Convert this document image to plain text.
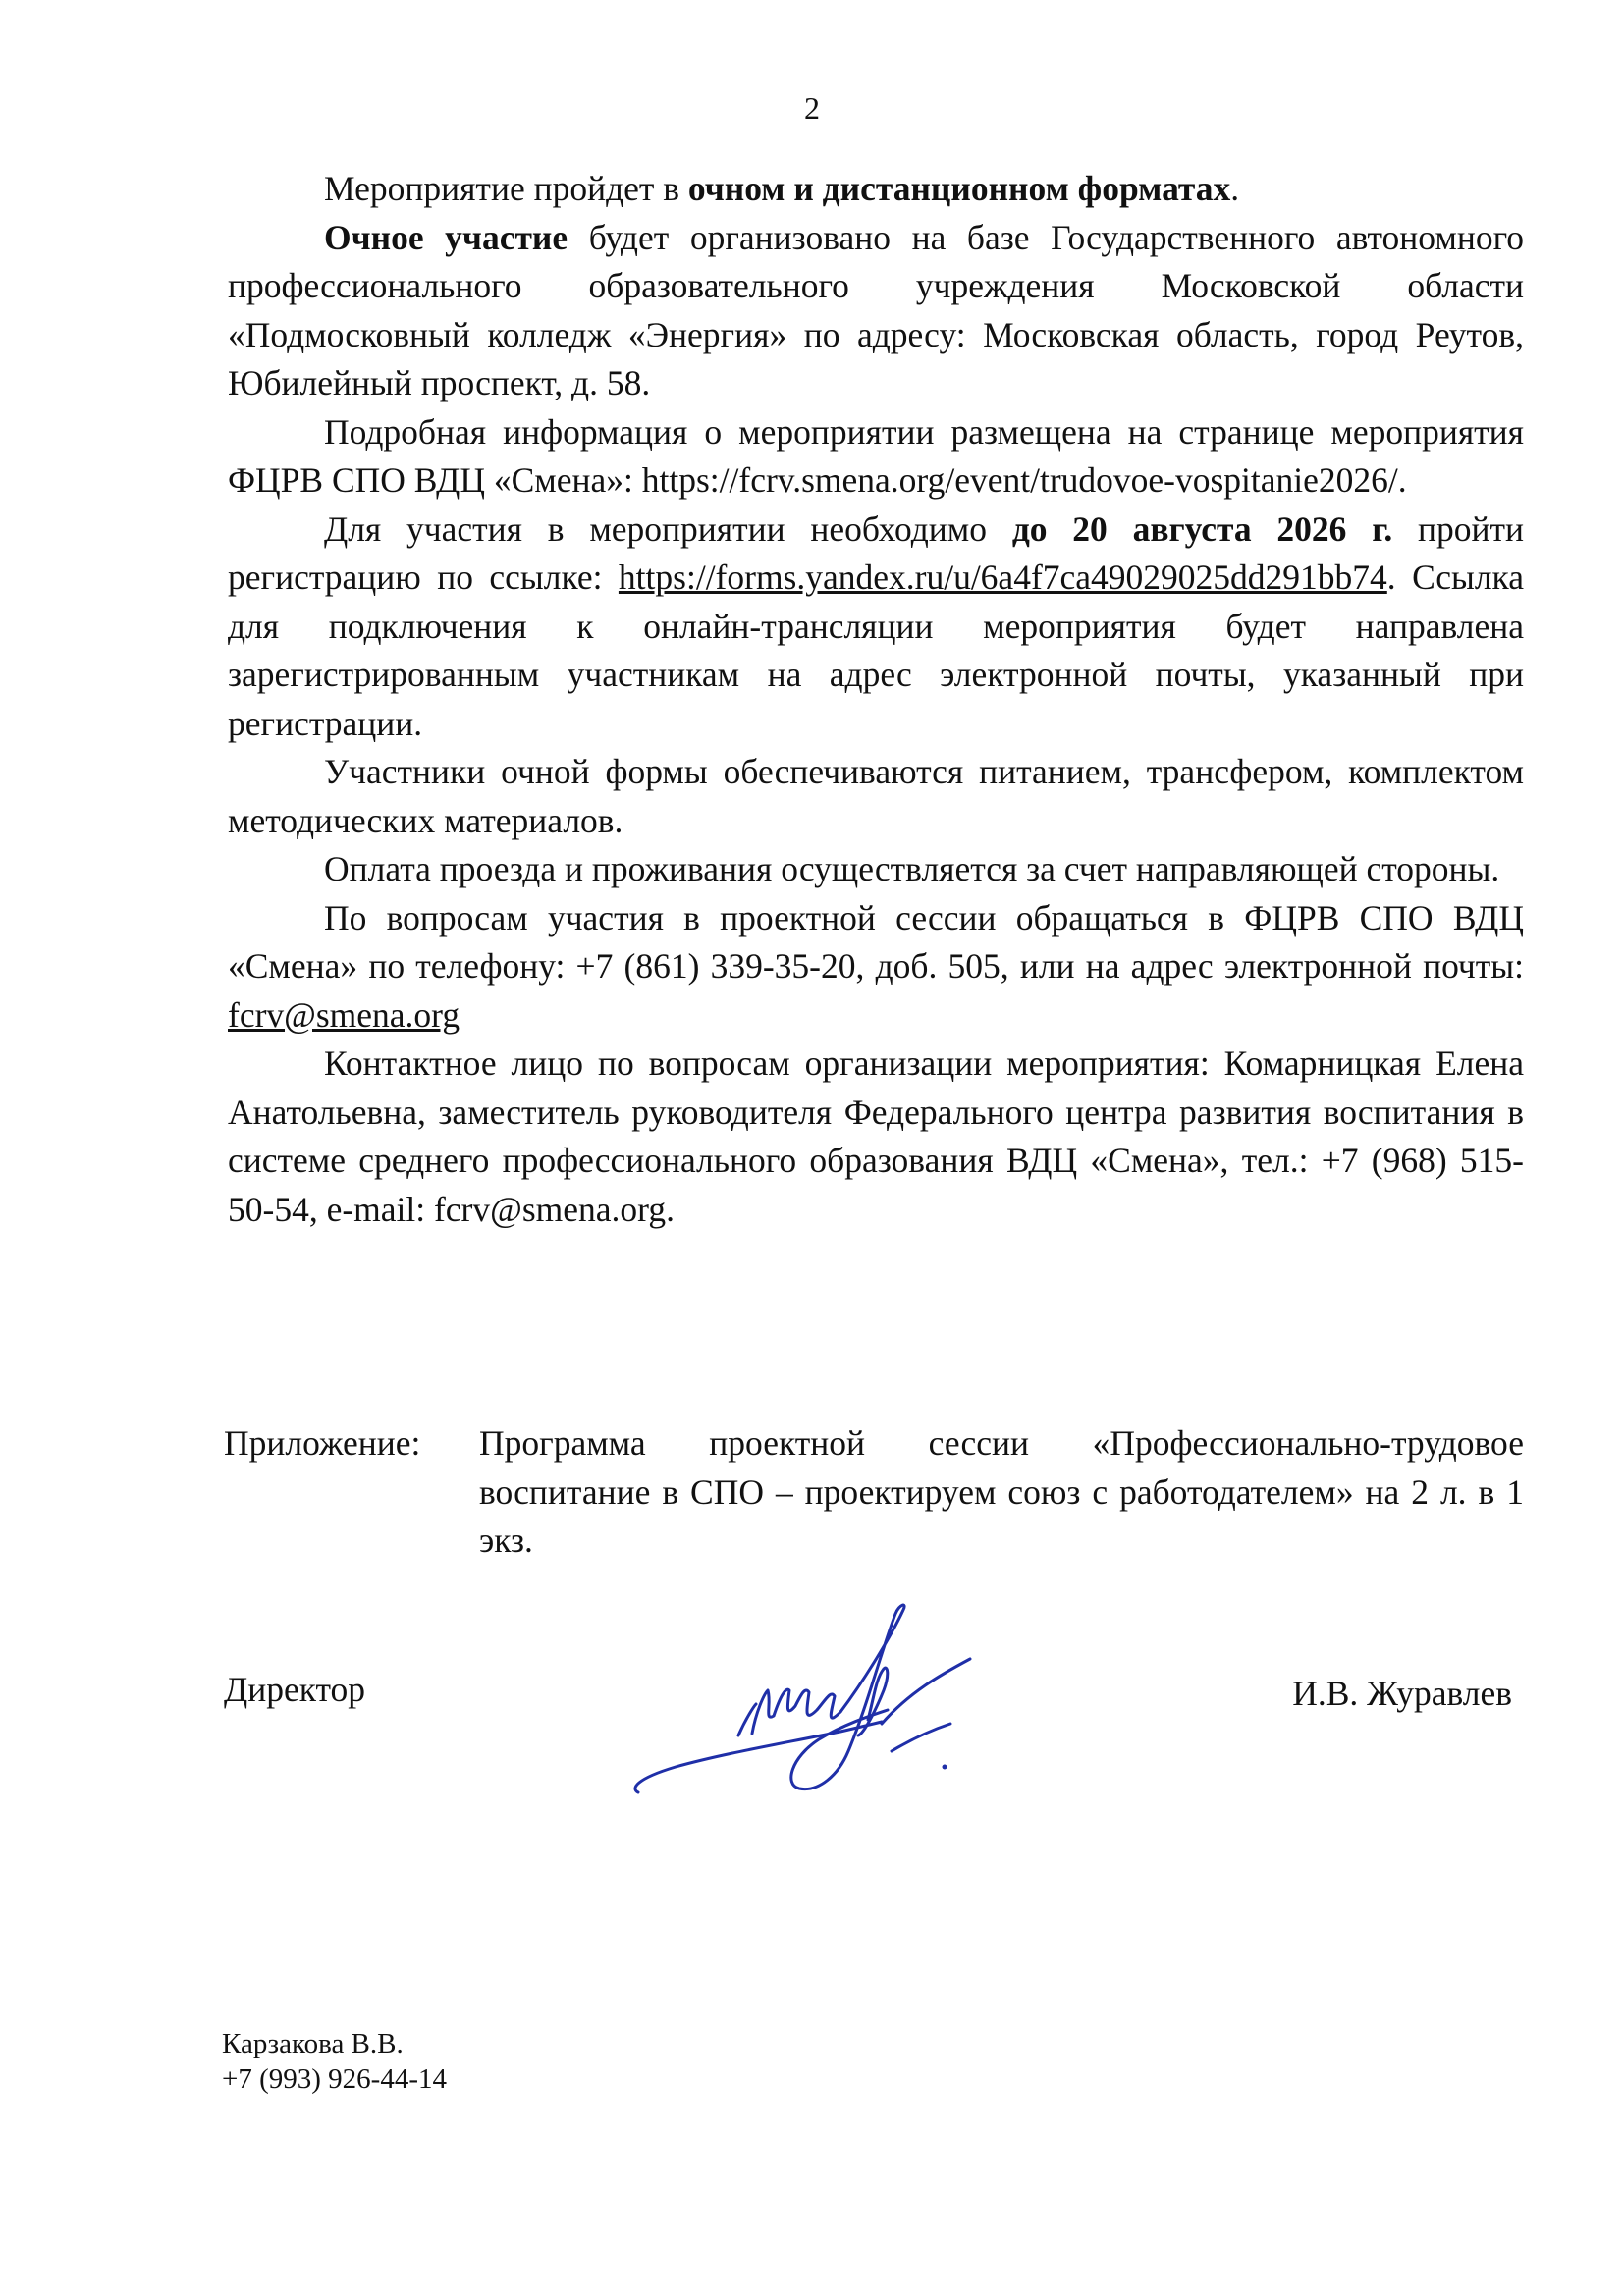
2

Мероприятие пройдет в очном и дистанционном форматах.

Очное участие будет организовано на базе Государственного автономного профессионального образовательного учреждения Московской области «Подмосковный колледж «Энергия» по адресу: Московская область, город Реутов, Юбилейный проспект, д. 58.

Подробная информация о мероприятии размещена на странице мероприятия ФЦРВ СПО ВДЦ «Смена»: https://fcrv.smena.org/event/trudovoe-vospitanie2026/.

Для участия в мероприятии необходимо до 20 августа 2026 г. пройти регистрацию по ссылке: https://forms.yandex.ru/u/6a4f7ca49029025dd291bb74. Ссылка для подключения к онлайн-трансляции мероприятия будет направлена зарегистрированным участникам на адрес электронной почты, указанный при регистрации.

Участники очной формы обеспечиваются питанием, трансфером, комплектом методических материалов.

Оплата проезда и проживания осуществляется за счет направляющей стороны.

По вопросам участия в проектной сессии обращаться в ФЦРВ СПО ВДЦ «Смена» по телефону: +7 (861) 339-35-20, доб. 505, или на адрес электронной почты: fcrv@smena.org

Контактное лицо по вопросам организации мероприятия: Комарницкая Елена Анатольевна, заместитель руководителя Федерального центра развития воспитания в системе среднего профессионального образования ВДЦ «Смена», тел.: +7 (968) 515-50-54, e-mail: fcrv@smena.org.

Приложение: Программа проектной сессии «Профессионально-трудовое воспитание в СПО – проектируем союз с работодателем» на 2 л. в 1 экз.
Директор	И.В. Журавлев
Карзакова В.В.
+7 (993) 926-44-14
